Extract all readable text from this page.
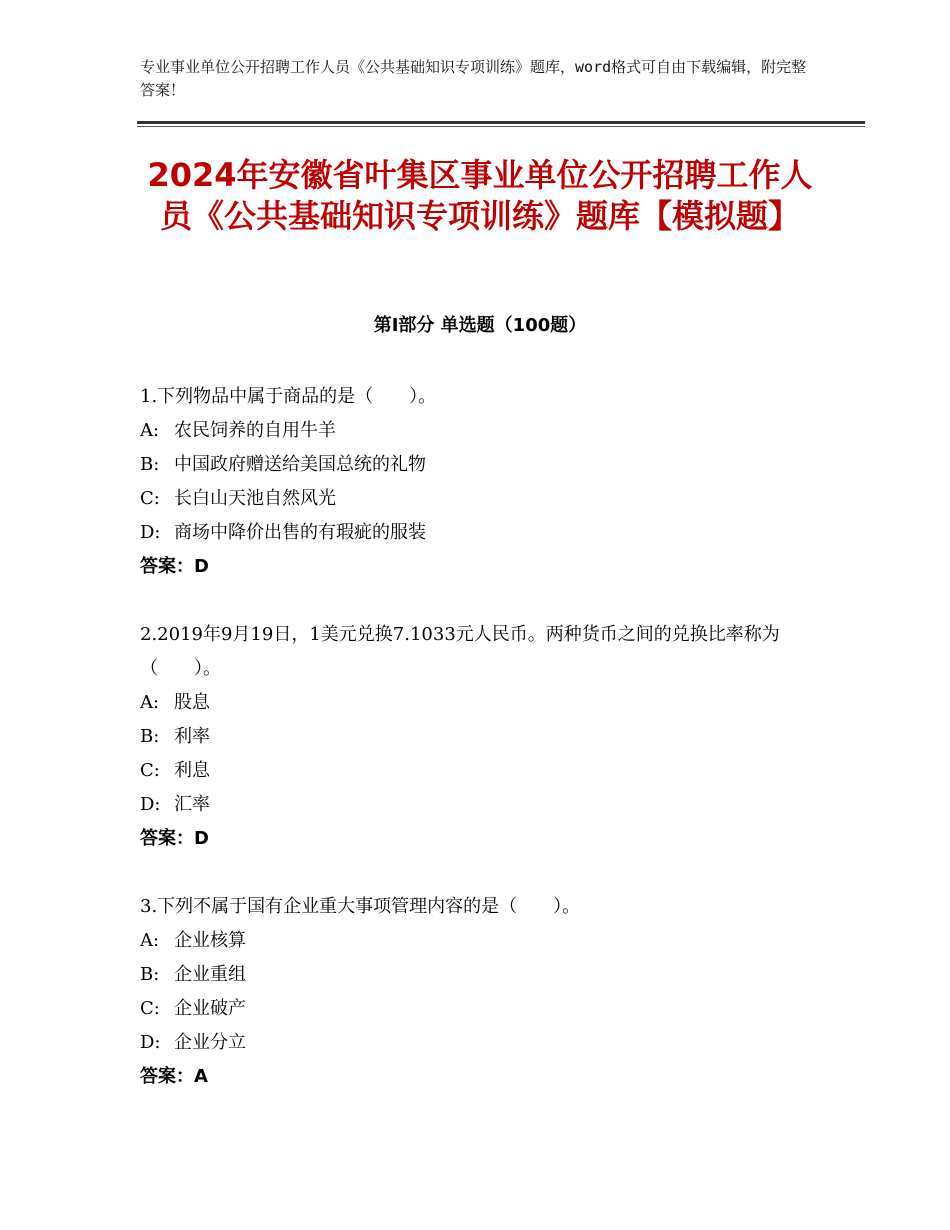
专业事业单位公开招聘工作人员《公共基础知识专项训练》题库，word格式可自由下载编辑，附完整答案！
2024年安徽省叶集区事业单位公开招聘工作人员《公共基础知识专项训练》题库【模拟题】
第I部分 单选题（100题）
1.下列物品中属于商品的是（　　）。
A: 农民饲养的自用牛羊
B: 中国政府赠送给美国总统的礼物
C: 长白山天池自然风光
D: 商场中降价出售的有瑕疵的服装
答案：D
2.2019年9月19日，1美元兑换7.1033元人民币。两种货币之间的兑换比率称为（　　）。
A: 股息
B: 利率
C: 利息
D: 汇率
答案：D
3.下列不属于国有企业重大事项管理内容的是（　　）。
A: 企业核算
B: 企业重组
C: 企业破产
D: 企业分立
答案：A
